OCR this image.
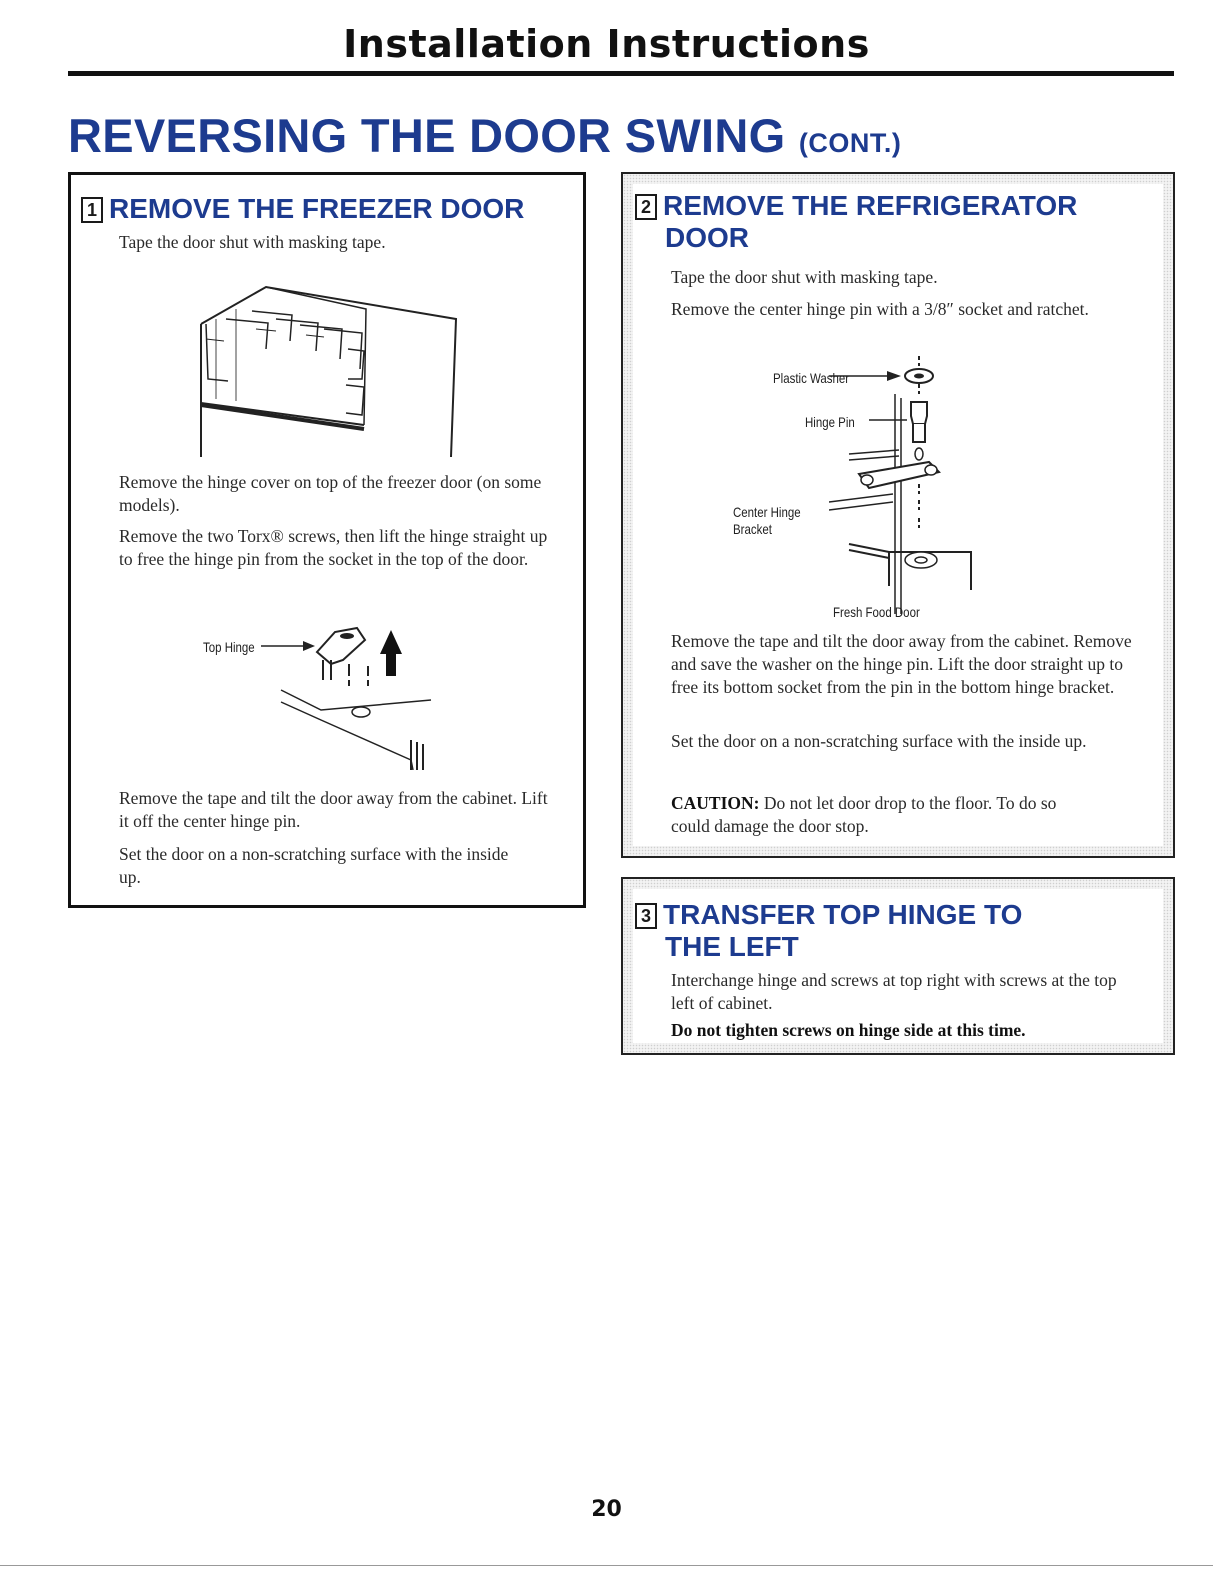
Installation Instructions
REVERSING THE DOOR SWING (CONT.)
1 REMOVE THE FREEZER DOOR

Tape the door shut with masking tape.

Remove the hinge cover on top of the freezer door (on some models).

Remove the two Torx® screws, then lift the hinge straight up to free the hinge pin from the socket in the top of the door.

Top Hinge

Remove the tape and tilt the door away from the cabinet. Lift it off the center hinge pin.

Set the door on a non-scratching surface with the inside up.

2 REMOVE THE REFRIGERATOR
DOOR

Tape the door shut with masking tape.

Remove the center hinge pin with a 3/8″ socket and ratchet.

Plastic Washer
Hinge Pin
Center Hinge
Bracket
Fresh Food Door

Remove the tape and tilt the door away from the cabinet. Remove and save the washer on the hinge pin. Lift the door straight up to free its bottom socket from the pin in the bottom hinge bracket.

Set the door on a non-scratching surface with the inside up.

CAUTION: Do not let door drop to the floor. To do so could damage the door stop.

3 TRANSFER TOP HINGE TO
THE LEFT

Interchange hinge and screws at top right with screws at the top left of cabinet.

Do not tighten screws on hinge side at this time.

20
